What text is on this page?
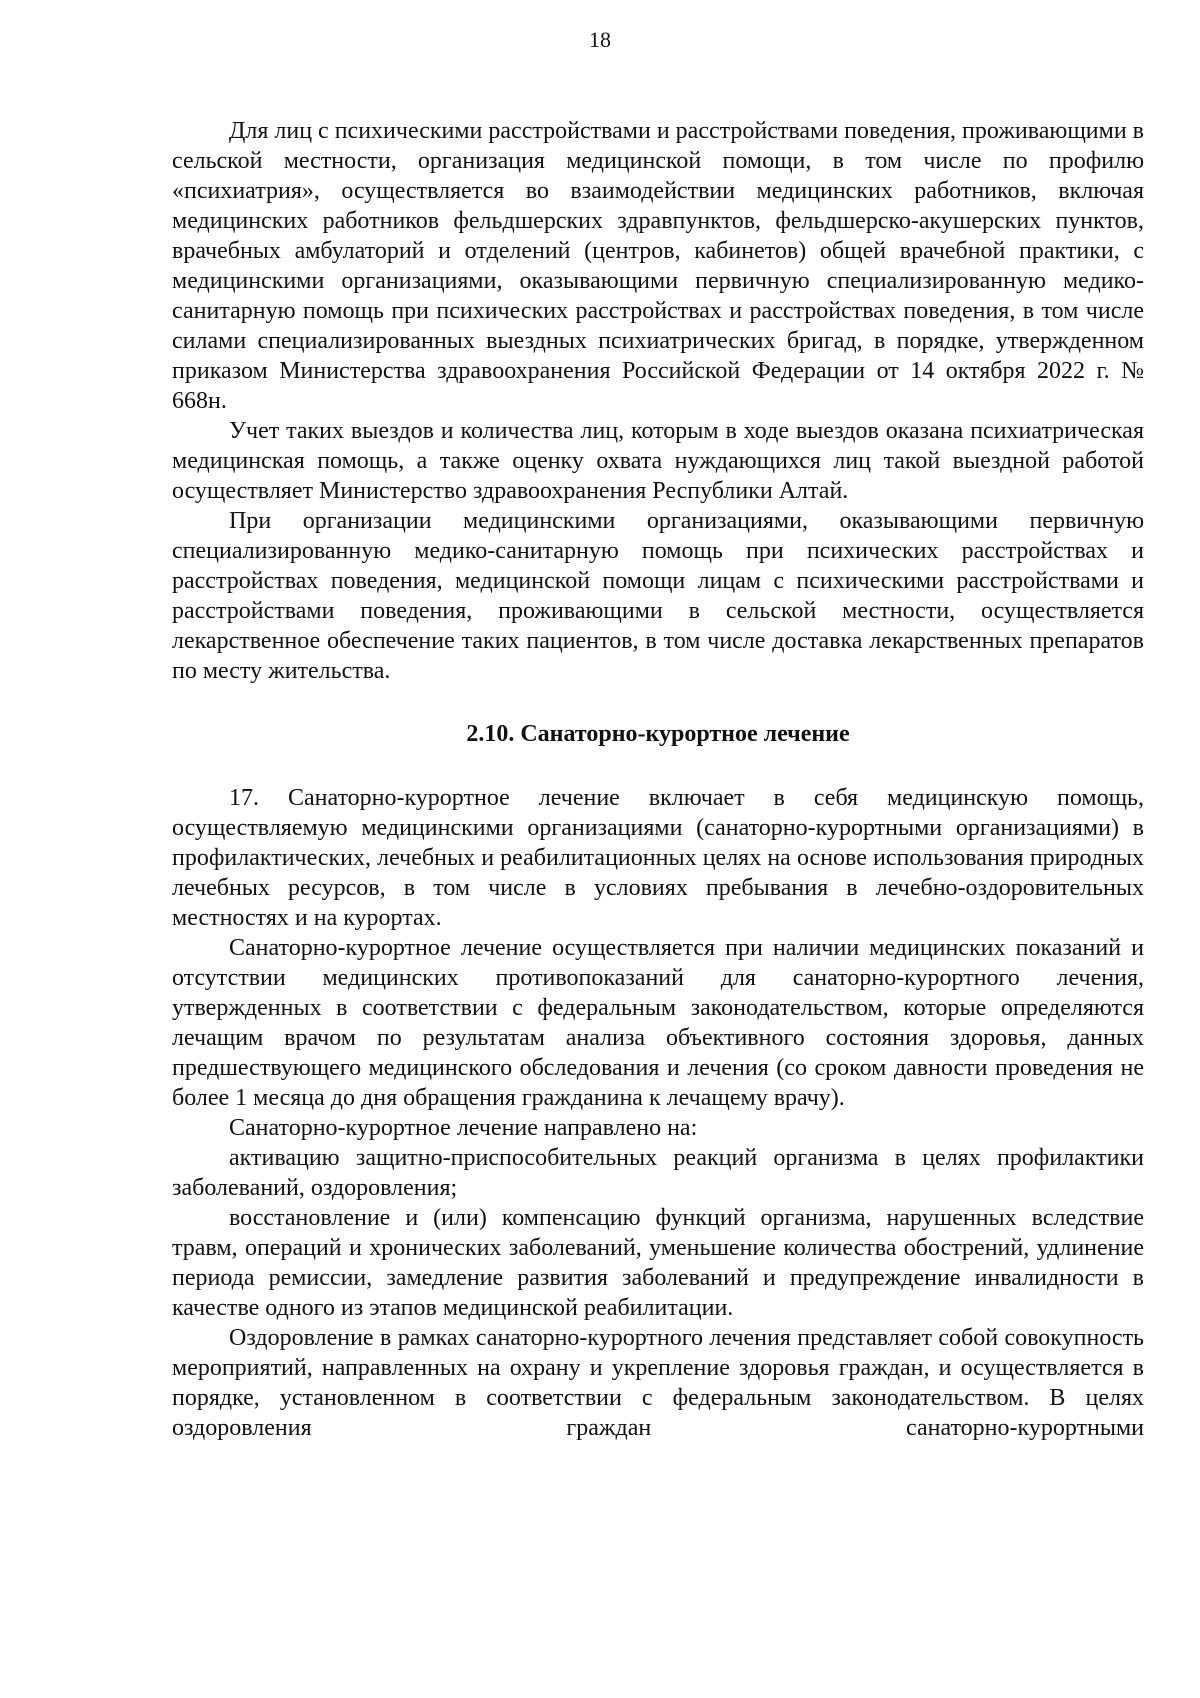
18

Для лиц с психическими расстройствами и расстройствами поведения, проживающими в сельской местности, организация медицинской помощи, в том числе по профилю «психиатрия», осуществляется во взаимодействии медицинских работников, включая медицинских работников фельдшерских здравпунктов, фельдшерско-акушерских пунктов, врачебных амбулаторий и отделений (центров, кабинетов) общей врачебной практики, с медицинскими организациями, оказывающими первичную специализированную медико-санитарную помощь при психических расстройствах и расстройствах поведения, в том числе силами специализированных выездных психиатрических бригад, в порядке, утвержденном приказом Министерства здравоохранения Российской Федерации от 14 октября 2022 г. № 668н.

Учет таких выездов и количества лиц, которым в ходе выездов оказана психиатрическая медицинская помощь, а также оценку охвата нуждающихся лиц такой выездной работой осуществляет Министерство здравоохранения Республики Алтай.

При организации медицинскими организациями, оказывающими первичную специализированную медико-санитарную помощь при психических расстройствах и расстройствах поведения, медицинской помощи лицам с психическими расстройствами и расстройствами поведения, проживающими в сельской местности, осуществляется лекарственное обеспечение таких пациентов, в том числе доставка лекарственных препаратов по месту жительства.

2.10. Санаторно-курортное лечение

17. Санаторно-курортное лечение включает в себя медицинскую помощь, осуществляемую медицинскими организациями (санаторно-курортными организациями) в профилактических, лечебных и реабилитационных целях на основе использования природных лечебных ресурсов, в том числе в условиях пребывания в лечебно-оздоровительных местностях и на курортах.

Санаторно-курортное лечение осуществляется при наличии медицинских показаний и отсутствии медицинских противопоказаний для санаторно-курортного лечения, утвержденных в соответствии с федеральным законодательством, которые определяются лечащим врачом по результатам анализа объективного состояния здоровья, данных предшествующего медицинского обследования и лечения (со сроком давности проведения не более 1 месяца до дня обращения гражданина к лечащему врачу).

Санаторно-курортное лечение направлено на:

активацию защитно-приспособительных реакций организма в целях профилактики заболеваний, оздоровления;

восстановление и (или) компенсацию функций организма, нарушенных вследствие травм, операций и хронических заболеваний, уменьшение количества обострений, удлинение периода ремиссии, замедление развития заболеваний и предупреждение инвалидности в качестве одного из этапов медицинской реабилитации.

Оздоровление в рамках санаторно-курортного лечения представляет собой совокупность мероприятий, направленных на охрану и укрепление здоровья граждан, и осуществляется в порядке, установленном в соответствии с федеральным законодательством. В целях оздоровления граждан санаторно-курортными
